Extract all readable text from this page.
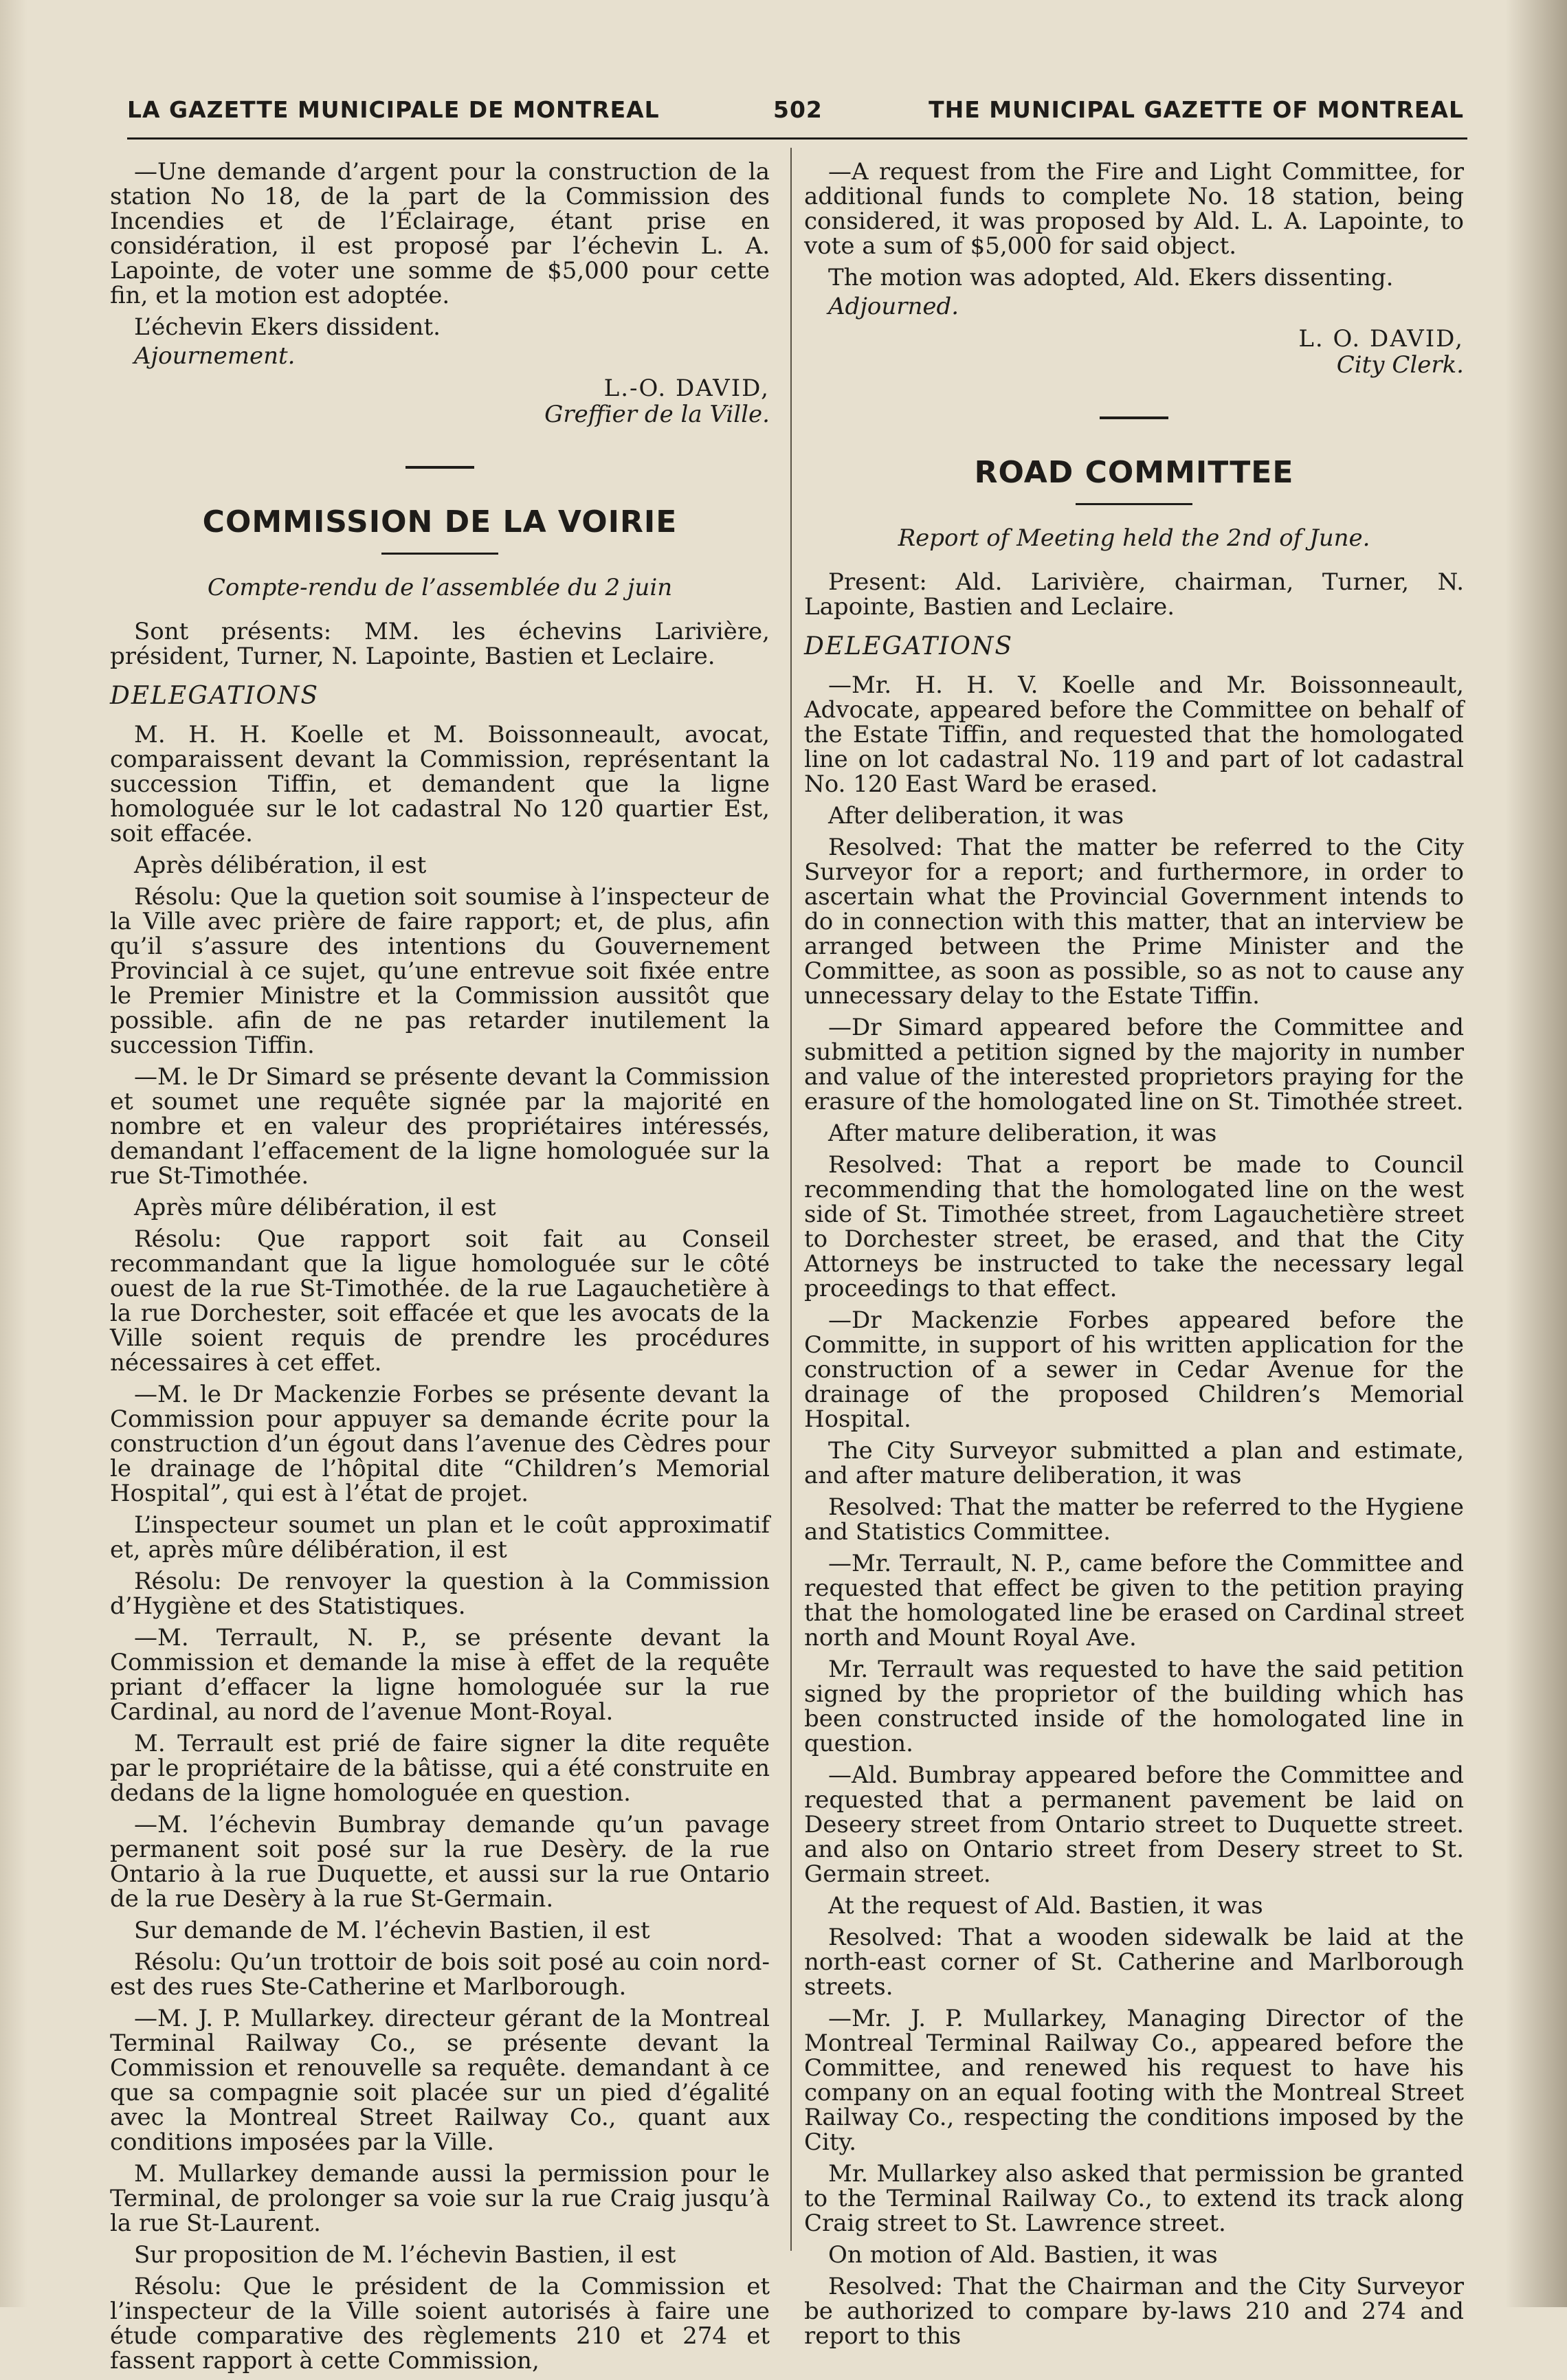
LA GAZETTE MUNICIPALE DE MONTREAL	502	THE MUNICIPAL GAZETTE OF MONTREAL

—Une demande d’argent pour la construction de la station No 18, de la part de la Commission des Incendies et de l’Éclairage, étant prise en considération, il est proposé par l’échevin L. A. Lapointe, de voter une somme de $5,000 pour cette fin, et la motion est adoptée.

L’échevin Ekers dissident.

Ajournement.

L.-O. DAVID,
Greffier de la Ville.
COMMISSION DE LA VOIRIE
Compte-rendu de l’assemblée du 2 juin

Sont présents: MM. les échevins Larivière, président, Turner, N. Lapointe, Bastien et Leclaire.

DELEGATIONS

M. H. H. Koelle et M. Boissonneault, avocat, comparaissent devant la Commission, représentant la succession Tiffin, et demandent que la ligne homologuée sur le lot cadastral No 120 quartier Est, soit effacée.

Après délibération, il est

Résolu: Que la quetion soit soumise à l’inspecteur de la Ville avec prière de faire rapport; et, de plus, afin qu’il s’assure des intentions du Gouvernement Provincial à ce sujet, qu’une entrevue soit fixée entre le Premier Ministre et la Commission aussitôt que possible. afin de ne pas retarder inutilement la succession Tiffin.

—M. le Dr Simard se présente devant la Commission et soumet une requête signée par la majorité en nombre et en valeur des propriétaires intéressés, demandant l’effacement de la ligne homologuée sur la rue St-Timothée.

Après mûre délibération, il est

Résolu: Que rapport soit fait au Conseil recommandant que la ligue homologuée sur le côté ouest de la rue St-Timothée. de la rue Lagauchetière à la rue Dorchester, soit effacée et que les avocats de la Ville soient requis de prendre les procédures nécessaires à cet effet.

—M. le Dr Mackenzie Forbes se présente devant la Commission pour appuyer sa demande écrite pour la construction d’un égout dans l’avenue des Cèdres pour le drainage de l’hôpital dite “Children’s Memorial Hospital”, qui est à l’état de projet.

L’inspecteur soumet un plan et le coût approximatif et, après mûre délibération, il est

Résolu: De renvoyer la question à la Commission d’Hygiène et des Statistiques.

—M. Terrault, N. P., se présente devant la Commission et demande la mise à effet de la requête priant d’effacer la ligne homologuée sur la rue Cardinal, au nord de l’avenue Mont-Royal.

M. Terrault est prié de faire signer la dite requête par le propriétaire de la bâtisse, qui a été construite en dedans de la ligne homologuée en question.

—M. l’échevin Bumbray demande qu’un pavage permanent soit posé sur la rue Desèry. de la rue Ontario à la rue Duquette, et aussi sur la rue Ontario de la rue Desèry à la rue St-Germain.

Sur demande de M. l’échevin Bastien, il est

Résolu: Qu’un trottoir de bois soit posé au coin nord-est des rues Ste-Catherine et Marlborough.

—M. J. P. Mullarkey. directeur gérant de la Montreal Terminal Railway Co., se présente devant la Commission et renouvelle sa requête. demandant à ce que sa compagnie soit placée sur un pied d’égalité avec la Montreal Street Railway Co., quant aux conditions imposées par la Ville.

M. Mullarkey demande aussi la permission pour le Terminal, de prolonger sa voie sur la rue Craig jusqu’à la rue St-Laurent.

Sur proposition de M. l’échevin Bastien, il est

Résolu: Que le président de la Commission et l’inspecteur de la Ville soient autorisés à faire une étude comparative des règlements 210 et 274 et fassent rapport à cette Commission,

—A request from the Fire and Light Committee, for additional funds to complete No. 18 station, being considered, it was proposed by Ald. L. A. Lapointe, to vote a sum of $5,000 for said object.

The motion was adopted, Ald. Ekers dissenting.

Adjourned.

L. O. DAVID,
City Clerk.
ROAD COMMITTEE
Report of Meeting held the 2nd of June.

Present: Ald. Larivière, chairman, Turner, N. Lapointe, Bastien and Leclaire.

DELEGATIONS

—Mr. H. H. V. Koelle and Mr. Boissonneault, Advocate, appeared before the Committee on behalf of the Estate Tiffin, and requested that the homologated line on lot cadastral No. 119 and part of lot cadastral No. 120 East Ward be erased.

After deliberation, it was

Resolved: That the matter be referred to the City Surveyor for a report; and furthermore, in order to ascertain what the Provincial Government intends to do in connection with this matter, that an interview be arranged between the Prime Minister and the Committee, as soon as possible, so as not to cause any unnecessary delay to the Estate Tiffin.

—Dr Simard appeared before the Committee and submitted a petition signed by the majority in number and value of the interested proprietors praying for the erasure of the homologated line on St. Timothée street.

After mature deliberation, it was

Resolved: That a report be made to Council recommending that the homologated line on the west side of St. Timothée street, from Lagauchetière street to Dorchester street, be erased, and that the City Attorneys be instructed to take the necessary legal proceedings to that effect.

—Dr Mackenzie Forbes appeared before the Committe, in support of his written application for the construction of a sewer in Cedar Avenue for the drainage of the proposed Children’s Memorial Hospital.

The City Surveyor submitted a plan and estimate, and after mature deliberation, it was

Resolved: That the matter be referred to the Hygiene and Statistics Committee.

—Mr. Terrault, N. P., came before the Committee and requested that effect be given to the petition praying that the homologated line be erased on Cardinal street north and Mount Royal Ave.

Mr. Terrault was requested to have the said petition signed by the proprietor of the building which has been constructed inside of the homologated line in question.

—Ald. Bumbray appeared before the Committee and requested that a permanent pavement be laid on Deseery street from Ontario street to Duquette street. and also on Ontario street from Desery street to St. Germain street.

At the request of Ald. Bastien, it was

Resolved: That a wooden sidewalk be laid at the north-east corner of St. Catherine and Marlborough streets.

—Mr. J. P. Mullarkey, Managing Director of the Montreal Terminal Railway Co., appeared before the Committee, and renewed his request to have his company on an equal footing with the Montreal Street Railway Co., respecting the conditions imposed by the City.

Mr. Mullarkey also asked that permission be granted to the Terminal Railway Co., to extend its track along Craig street to St. Lawrence street.

On motion of Ald. Bastien, it was

Resolved: That the Chairman and the City Surveyor be authorized to compare by-laws 210 and 274 and report to this
